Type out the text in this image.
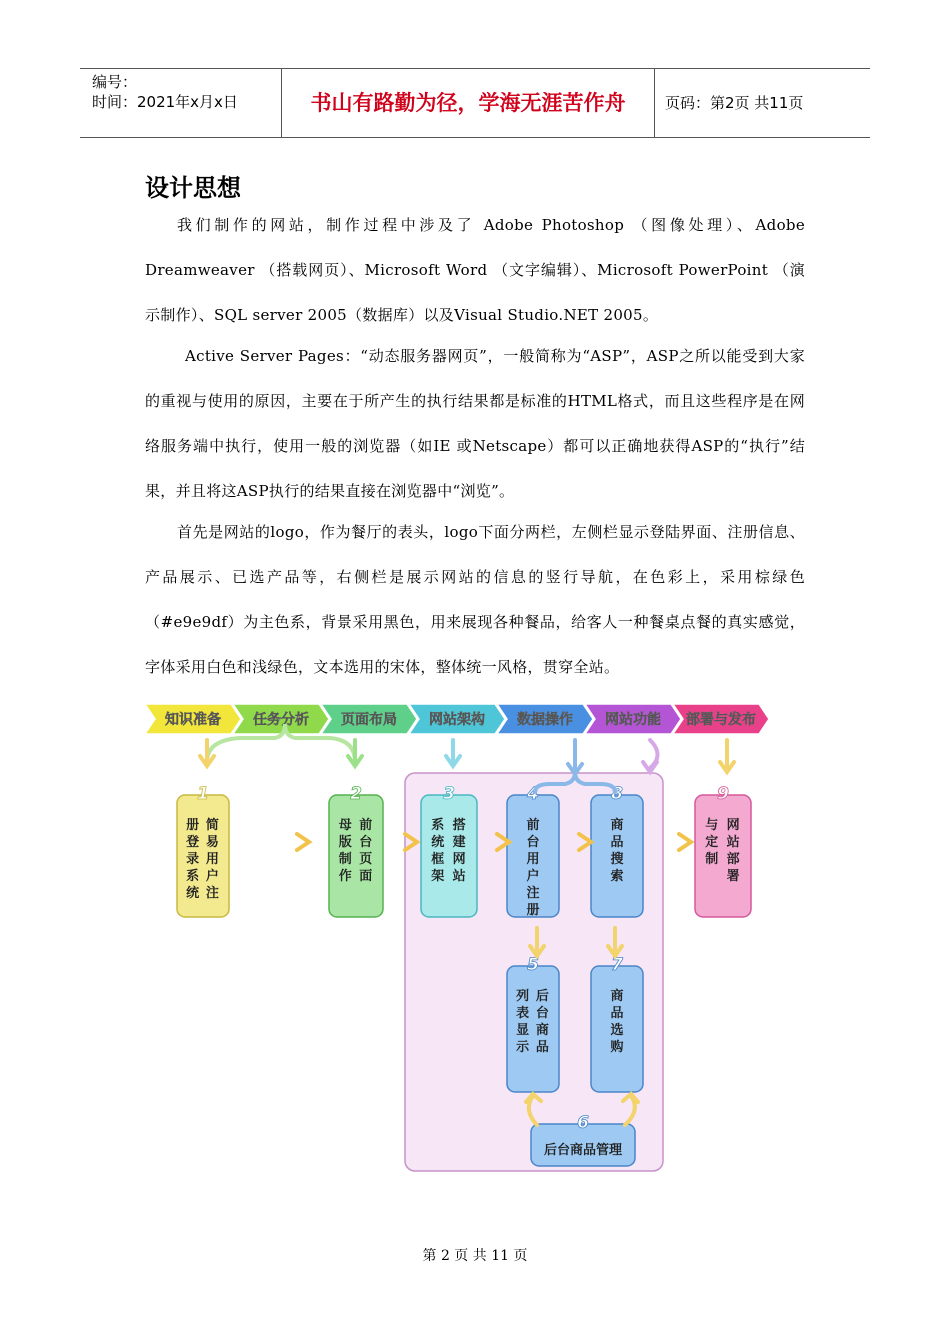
编号：
时间：2021年x月x日	书山有路勤为径，学海无涯苦作舟	页码：第2页 共11页
设计思想

我们制作的网站，制作过程中涉及了 Adobe Photoshop （图像处理）、Adobe Dreamweaver （搭载网页）、Microsoft Word （文字编辑）、Microsoft PowerPoint （演示制作）、SQL server 2005（数据库）以及Visual Studio.NET 2005。

Active Server Pages：“动态服务器网页”，一般简称为“ASP”，ASP之所以能受到大家的重视与使用的原因，主要在于所产生的执行结果都是标准的HTML格式，而且这些程序是在网络服务端中执行，使用一般的浏览器（如IE 或Netscape）都可以正确地获得ASP的“执行”结果，并且将这ASP执行的结果直接在浏览器中“浏览”。

首先是网站的logo，作为餐厅的表头，logo下面分两栏，左侧栏显示登陆界面、注册信息、产品展示、已选产品等，右侧栏是展示网站的信息的竖行导航，在色彩上，采用棕绿色（#e9e9df）为主色系，背景采用黑色，用来展现各种餐品，给客人一种餐桌点餐的真实感觉，字体采用白色和浅绿色，文本选用的宋体，整体统一风格，贯穿全站。

知识准备 任务分析 页面布局 网站架构 数据操作 网站功能 部署与发布
1
简
易
用
户
注
册
登
录
系
统
2
前
台
页
面
母
版
制
作
3
搭
建
网
站
系
统
框
架
4
前
台
用
户
注
册
8
商
品
搜
索
9
网
站
部
署
与
定
制
5
后
台
商
品
列
表
显
示
7
商
品
选
购
6
后台商品管理
第 2 页 共 11 页
